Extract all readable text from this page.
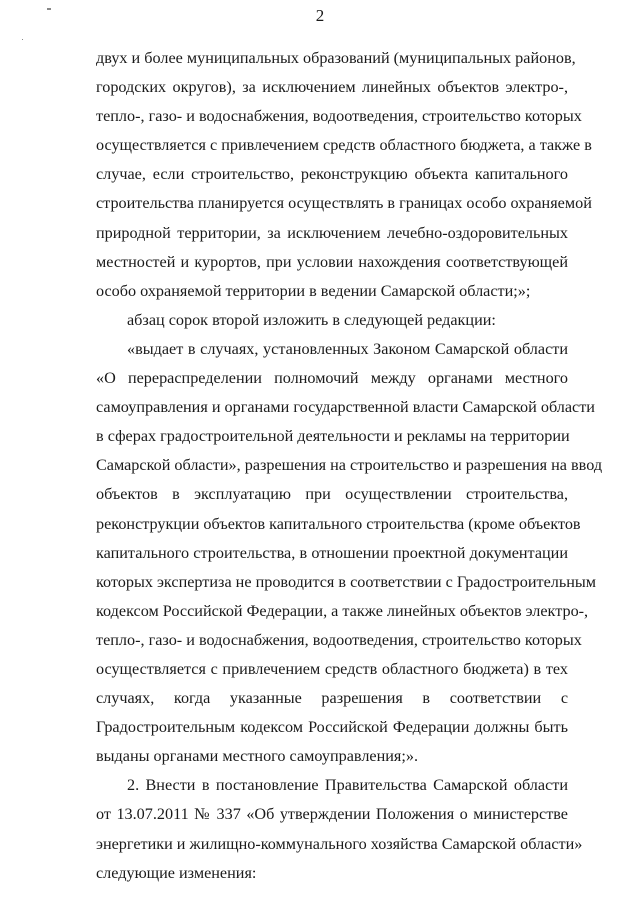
2
двух и более муниципальных образований (муниципальных районов,
городских округов), за исключением линейных объектов электро-,
тепло-, газо- и водоснабжения, водоотведения, строительство которых
осуществляется с привлечением средств областного бюджета, а также в
случае, если строительство, реконструкцию объекта капитального
строительства планируется осуществлять в границах особо охраняемой
природной территории, за исключением лечебно-оздоровительных
местностей и курортов, при условии нахождения соответствующей
особо охраняемой территории в ведении Самарской области;»;
абзац сорок второй изложить в следующей редакции:
«выдает в случаях, установленных Законом Самарской области
«О перераспределении полномочий между органами местного
самоуправления и органами государственной власти Самарской области
в сферах градостроительной деятельности и рекламы на территории
Самарской области», разрешения на строительство и разрешения на ввод
объектов в эксплуатацию при осуществлении строительства,
реконструкции объектов капитального строительства (кроме объектов
капитального строительства, в отношении проектной документации
которых экспертиза не проводится в соответствии с Градостроительным
кодексом Российской Федерации, а также линейных объектов электро-,
тепло-, газо- и водоснабжения, водоотведения, строительство которых
осуществляется с привлечением средств областного бюджета) в тех
случаях, когда указанные разрешения в соответствии с
Градостроительным кодексом Российской Федерации должны быть
выданы органами местного самоуправления;».
2. Внести в постановление Правительства Самарской области
от 13.07.2011 № 337 «Об утверждении Положения о министерстве
энергетики и жилищно-коммунального хозяйства Самарской области»
следующие изменения:
